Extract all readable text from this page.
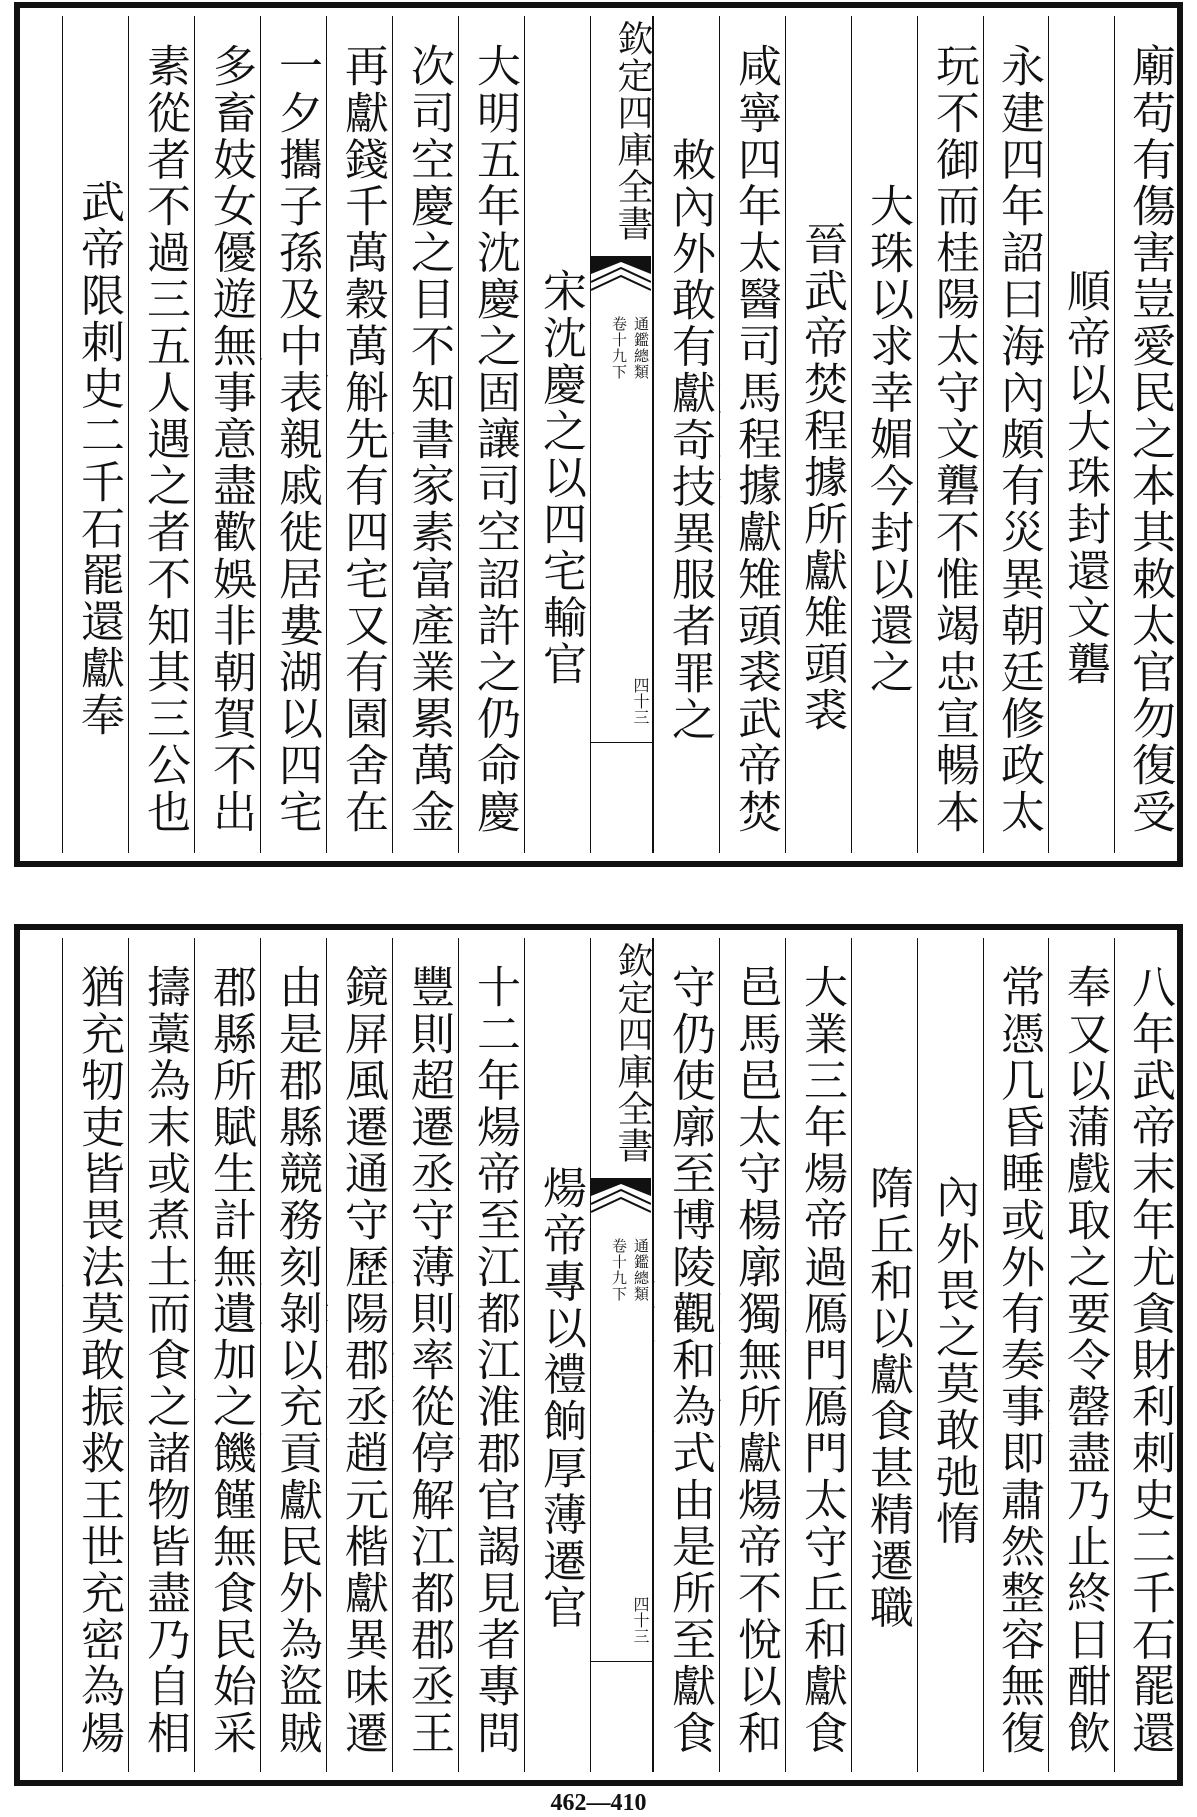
廟苟有傷害豈愛民之本其敕太官勿復受
順帝以大珠封還文礱
永建四年詔曰海內頗有災異朝廷修政太
玩不御而桂陽太守文礱不惟竭忠宣暢本
大珠以求幸媚今封以還之
晉武帝焚程據所獻雉頭裘
咸寧四年太醫司馬程據獻雉頭裘武帝焚
敕內外敢有獻奇技異服者罪之
欽定四庫全書
通鑑總類
卷十九下
四十三
宋沈慶之以四宅輸官
大明五年沈慶之固讓司空詔許之仍命慶
次司空慶之目不知書家素富產業累萬金
再獻錢千萬穀萬斛先有四宅又有園舍在
一夕攜子孫及中表親戚徙居婁湖以四宅
多畜妓女優遊無事意盡歡娛非朝賀不出
素從者不過三五人遇之者不知其三公也
武帝限刺史二千石罷還獻奉
八年武帝末年尤貪財利刺史二千石罷還
奉又以蒲戲取之要令罄盡乃止終日酣飲
常憑几昏睡或外有奏事即肅然整容無復
內外畏之莫敢弛惰
隋丘和以獻食甚精遷職
大業三年煬帝過鴈門鴈門太守丘和獻食
邑馬邑太守楊廓獨無所獻煬帝不悅以和
守仍使廓至博陵觀和為式由是所至獻食
欽定四庫全書
通鑑總類
卷十九下
四十三
煬帝專以禮餉厚薄遷官
十二年煬帝至江都江淮郡官謁見者專問
豐則超遷丞守薄則率從停解江都郡丞王
鏡屏風遷通守歷陽郡丞趙元楷獻異味遷
由是郡縣競務刻剝以充貢獻民外為盜賊
郡縣所賦生計無遺加之饑饉無食民始采
擣藁為末或煮土而食之諸物皆盡乃自相
猶充牣吏皆畏法莫敢振救王世充密為煬
462—410
